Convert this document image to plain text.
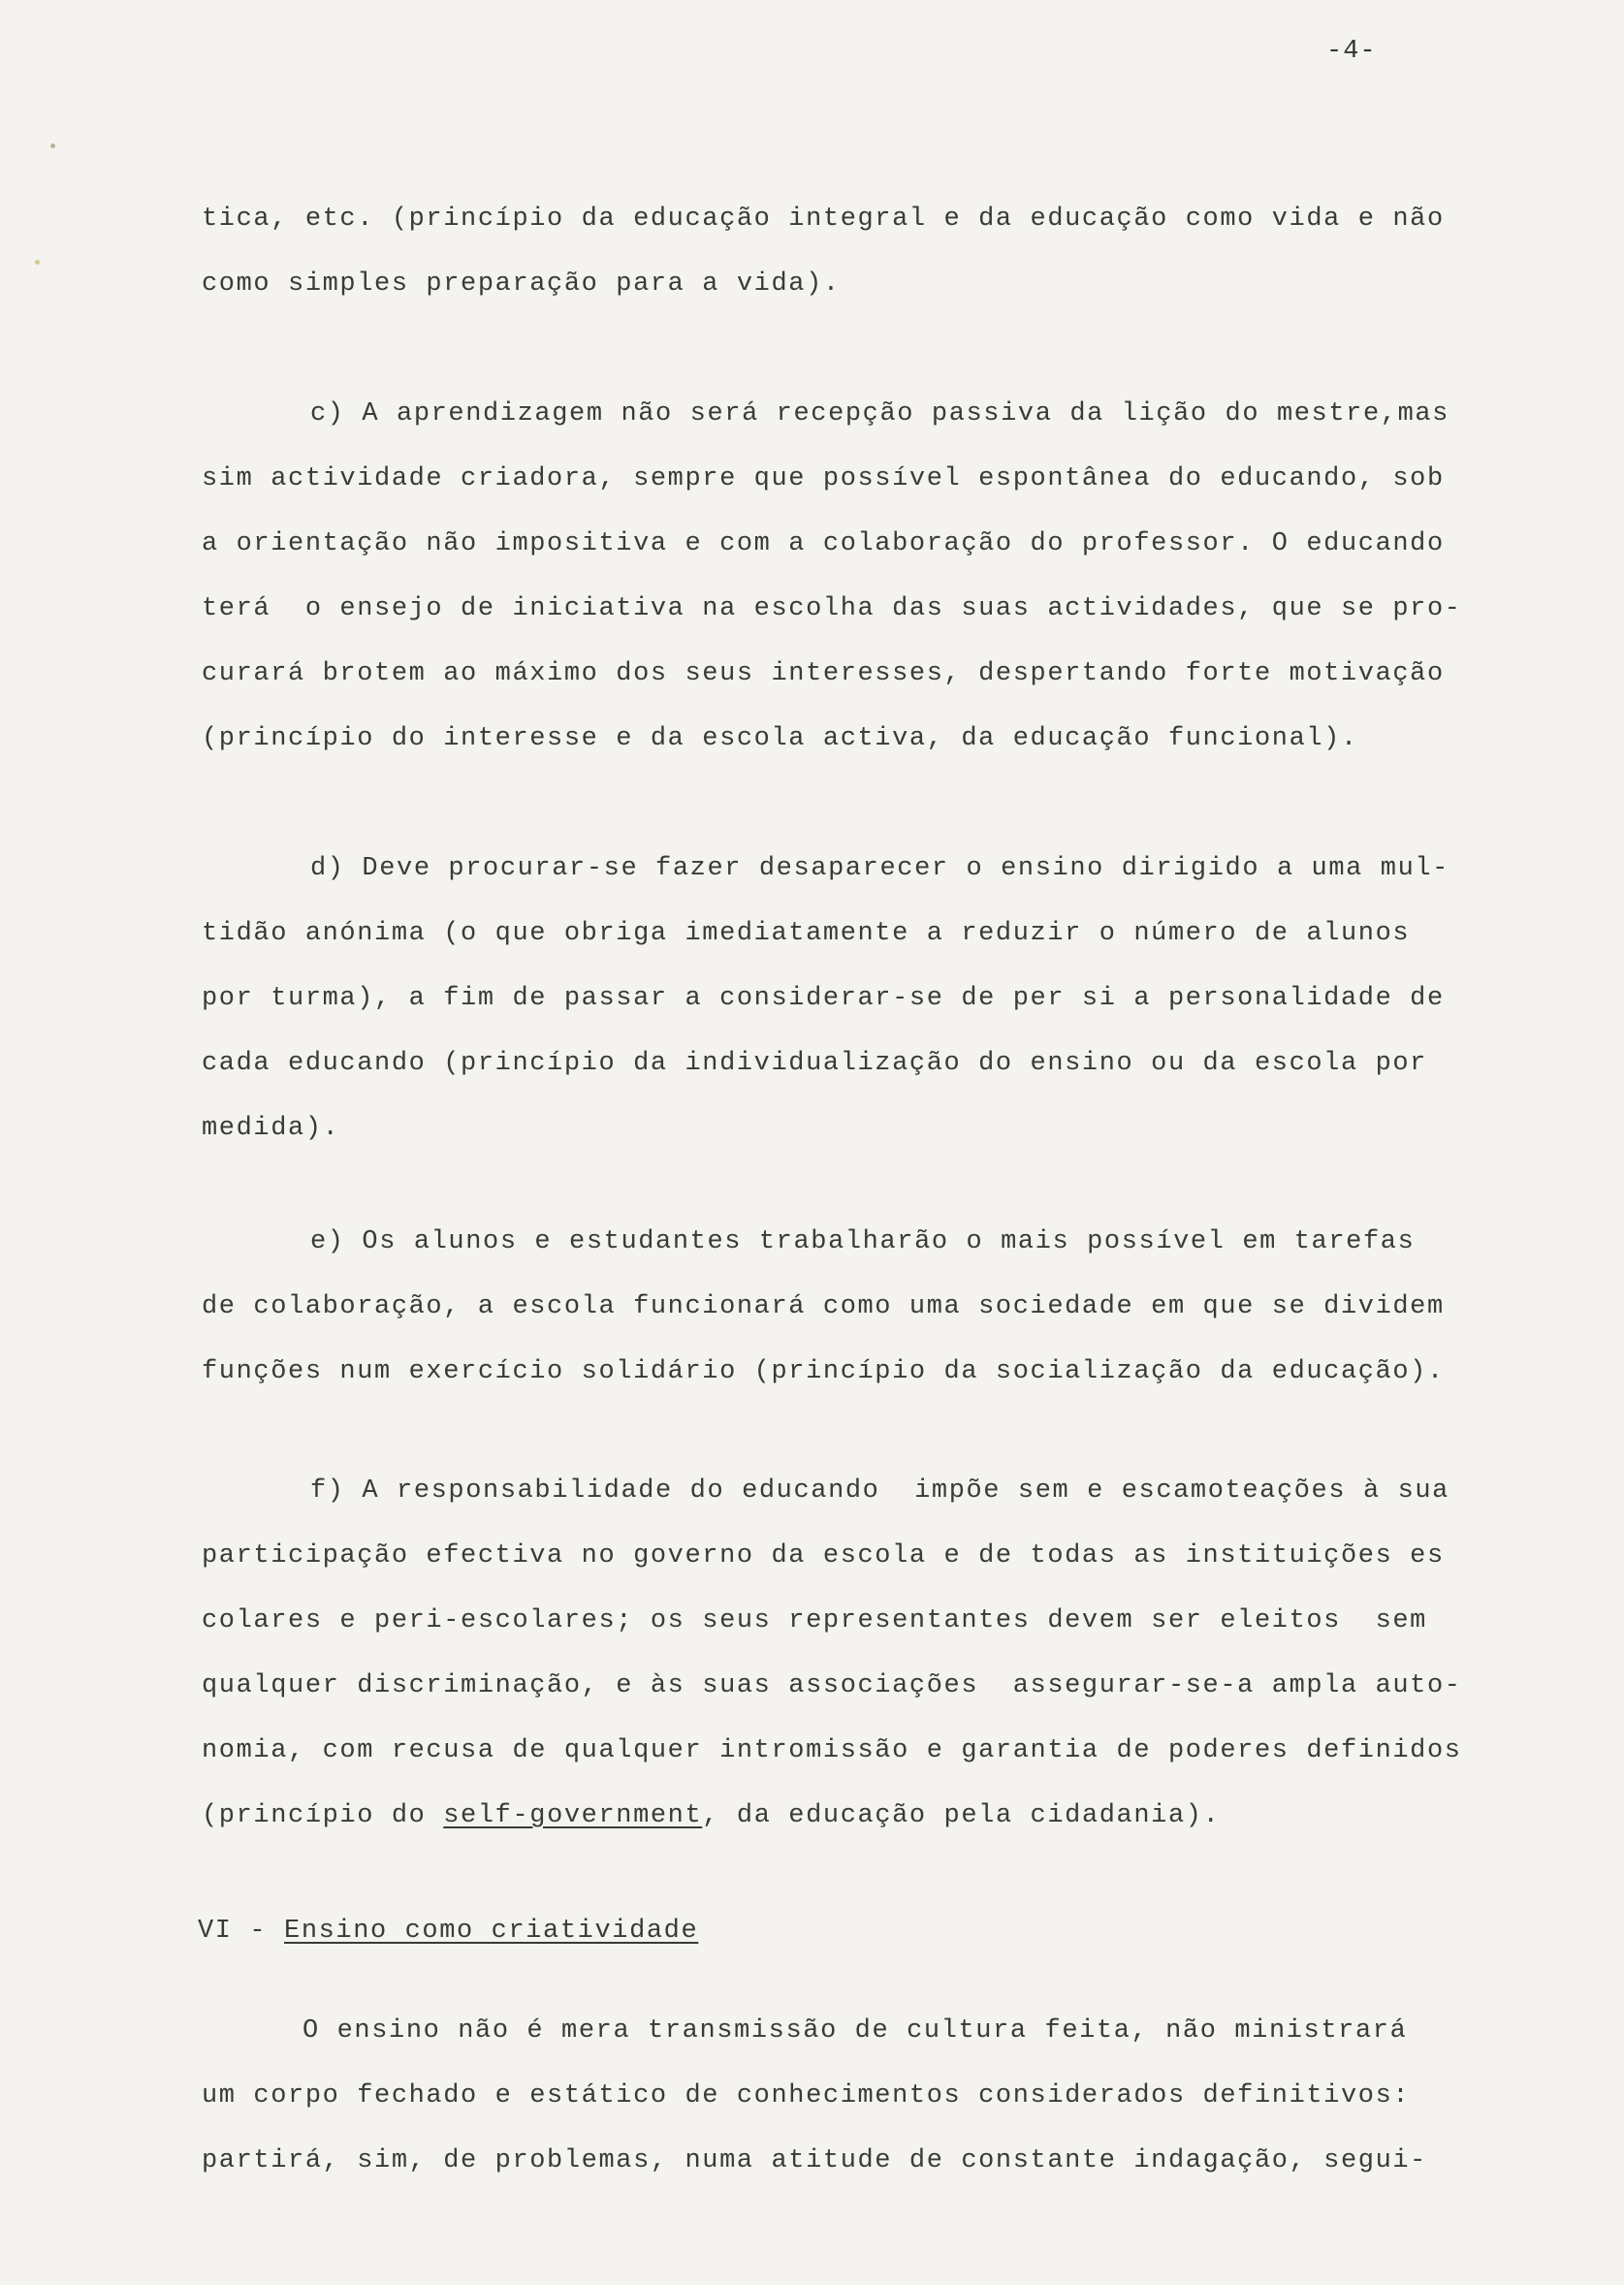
-4-
tica, etc. (princípio da educação integral e da educação como vida e não
como simples preparação para a vida).
c) A aprendizagem não será recepção passiva da lição do mestre,mas
sim actividade criadora, sempre que possível espontânea do educando, sob
a orientação não impositiva e com a colaboração do professor. O educando
terá  o ensejo de iniciativa na escolha das suas actividades, que se pro-
curará brotem ao máximo dos seus interesses, despertando forte motivação
(princípio do interesse e da escola activa, da educação funcional).
d) Deve procurar-se fazer desaparecer o ensino dirigido a uma mul-
tidão anónima (o que obriga imediatamente a reduzir o número de alunos
por turma), a fim de passar a considerar-se de per si a personalidade de
cada educando (princípio da individualização do ensino ou da escola por
medida).
e) Os alunos e estudantes trabalharão o mais possível em tarefas
de colaboração, a escola funcionará como uma sociedade em que se dividem
funções num exercício solidário (princípio da socialização da educação).
f) A responsabilidade do educando  impõe sem e escamoteações à sua
participação efectiva no governo da escola e de todas as instituições es
colares e peri-escolares; os seus representantes devem ser eleitos  sem
qualquer discriminação, e às suas associações  assegurar-se-a ampla auto-
nomia, com recusa de qualquer intromissão e garantia de poderes definidos
(princípio do self-government, da educação pela cidadania).
VI - Ensino como criatividade
O ensino não é mera transmissão de cultura feita, não ministrará
um corpo fechado e estático de conhecimentos considerados definitivos:
partirá, sim, de problemas, numa atitude de constante indagação, segui-
